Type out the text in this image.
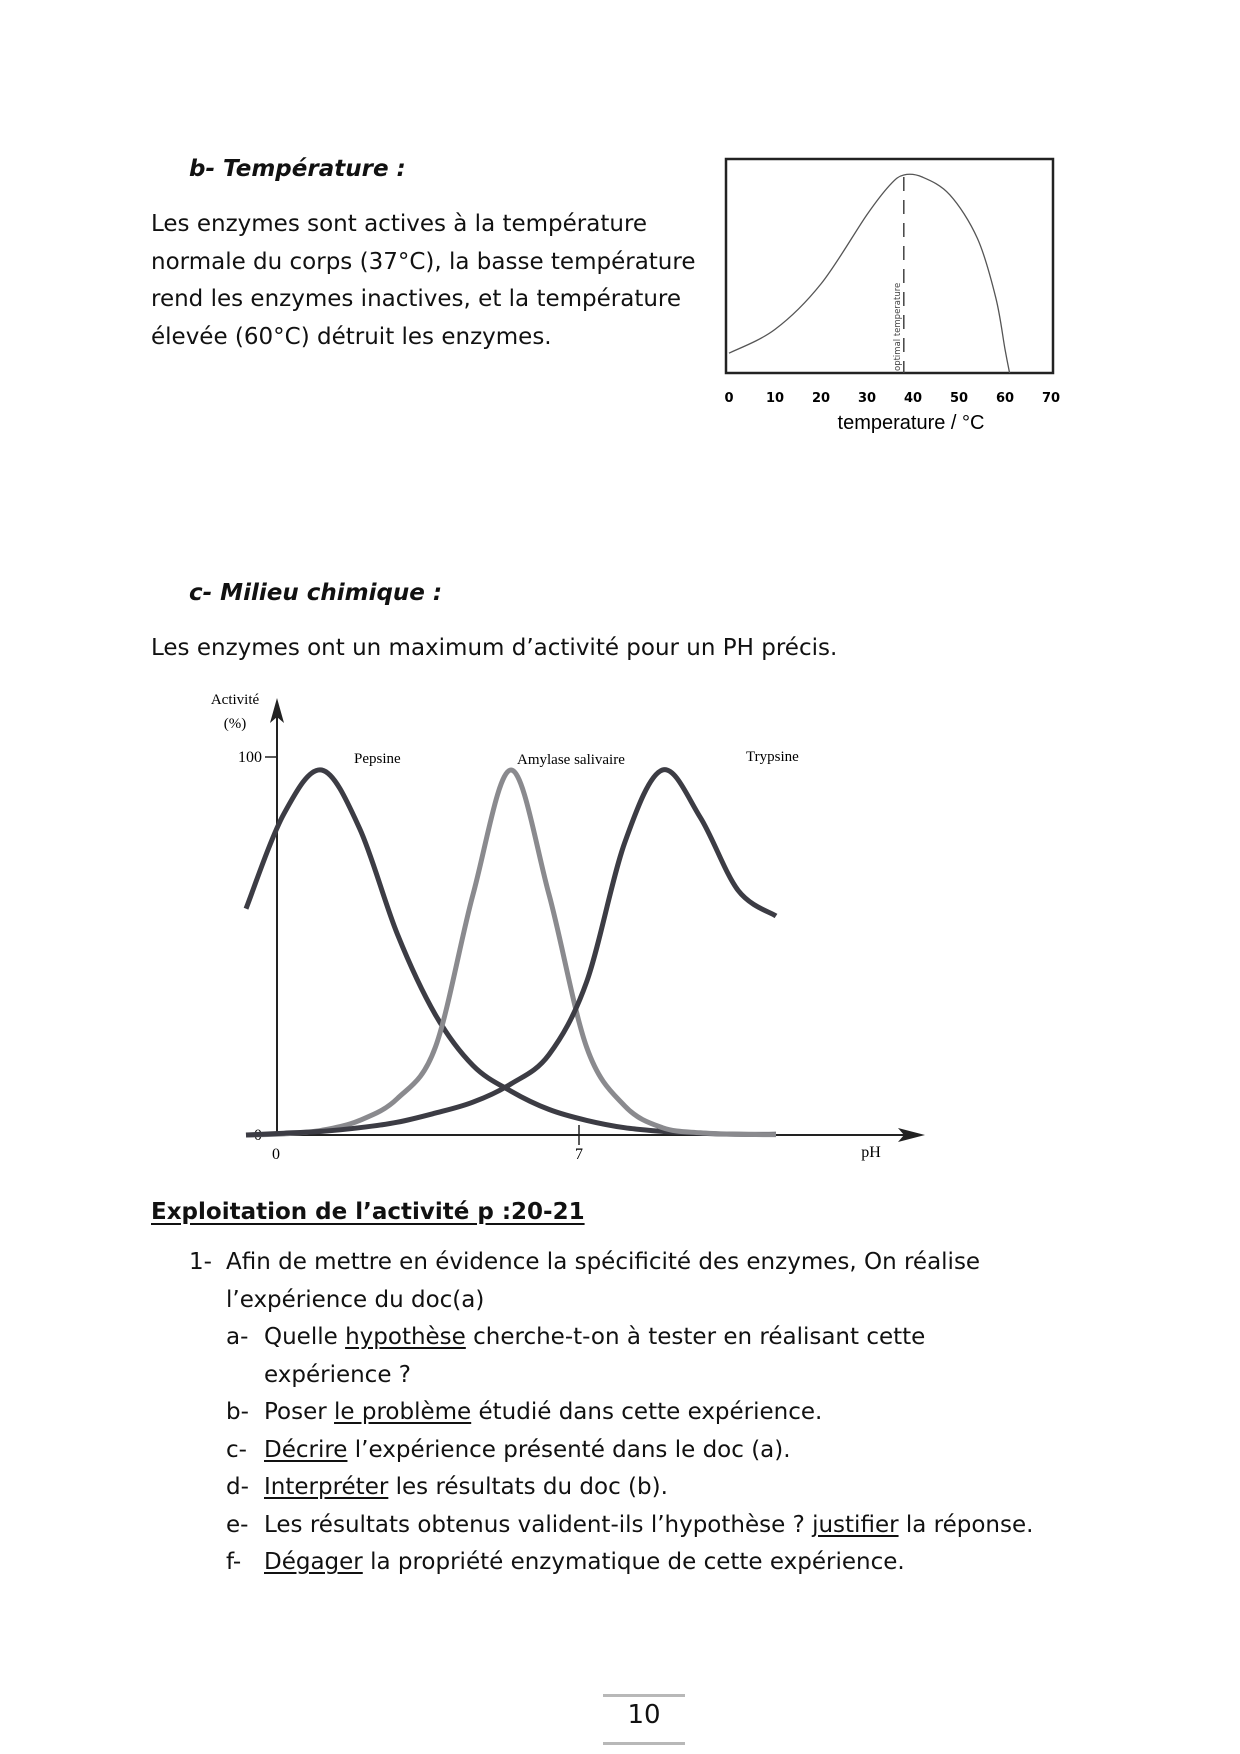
b- Température :
Les enzymes sont actives à la température normale du corps (37°C), la basse température rend les enzymes inactives, et la température élevée (60°C) détruit les enzymes.	optimal temperature
0 10 20 30 40 50 60 70
temperature / °C
c- Milieu chimique :
Les enzymes ont un maximum d’activité pour un PH précis.
Activité
(%)
100
0
0	7	pH
Pepsine	Amylase salivaire	Trypsine
Exploitation de l’activité p :20-21
1- Afin de mettre en évidence la spécificité des enzymes, On réalise l’expérience du doc(a)
a- Quelle hypothèse cherche-t-on à tester en réalisant cette expérience ?
b- Poser le problème étudié dans cette expérience.
c- Décrire l’expérience présenté dans le doc (a).
d- Interpréter les résultats du doc (b).
e- Les résultats obtenus valident-ils l’hypothèse ? justifier la réponse.
f- Dégager la propriété enzymatique de cette expérience.
10
